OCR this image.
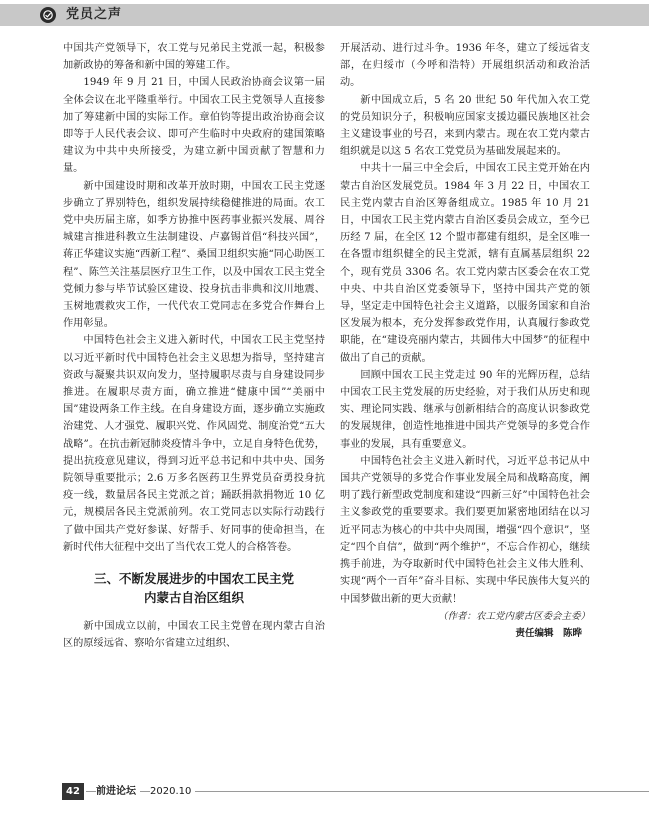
党员之声

中国共产党领导下，农工党与兄弟民主党派一起，积极参加新政协的筹备和新中国的筹建工作。

1949 年 9 月 21 日，中国人民政治协商会议第一届全体会议在北平隆重举行。中国农工民主党领导人直接参加了筹建新中国的实际工作。章伯钧等提出政治协商会议即等于人民代表会议、即可产生临时中央政府的建国策略建议为中共中央所接受，为建立新中国贡献了智慧和力量。

新中国建设时期和改革开放时期，中国农工民主党逐步确立了界别特色，组织发展持续稳健推进的局面。农工党中央历届主席，如季方协推中医药事业振兴发展、周谷城建言推进科教立生法制建设、卢嘉锡首倡“科技兴国”，蒋正华建议实施“西新工程”、桑国卫组织实施“同心助医工程”、陈竺关注基层医疗卫生工作，以及中国农工民主党全党倾力参与毕节试验区建设、投身抗击非典和汶川地震、玉树地震救灾工作，一代代农工党同志在多党合作舞台上作用彰显。

中国特色社会主义进入新时代，中国农工民主党坚持以习近平新时代中国特色社会主义思想为指导，坚持建言资政与凝聚共识双向发力，坚持履职尽责与自身建设同步推进。在履职尽责方面，确立推进“健康中国”“美丽中国”建设两条工作主线。在自身建设方面，逐步确立实施政治建党、人才强党、履职兴党、作风固党、制度治党“五大战略”。在抗击新冠肺炎疫情斗争中，立足自身特色优势，提出抗疫意见建议，得到习近平总书记和中共中央、国务院领导重要批示；2.6 万多名医药卫生界党员奋勇投身抗疫一线，数量居各民主党派之首；踊跃捐款捐物近 10 亿元，规模居各民主党派前列。农工党同志以实际行动践行了做中国共产党好参谋、好帮手、好同事的使命担当，在新时代伟大征程中交出了当代农工党人的合格答卷。

三、不断发展进步的中国农工民主党
内蒙古自治区组织

新中国成立以前，中国农工民主党曾在现内蒙古自治区的原绥远省、察哈尔省建立过组织、

开展活动、进行过斗争。1936 年冬，建立了绥远省支部，在归绥市（今呼和浩特）开展组织活动和政治活动。

新中国成立后，5 名 20 世纪 50 年代加入农工党的党员知识分子，积极响应国家支援边疆民族地区社会主义建设事业的号召，来到内蒙古。现在农工党内蒙古组织就是以这 5 名农工党党员为基础发展起来的。

中共十一届三中全会后，中国农工民主党开始在内蒙古自治区发展党员。1984 年 3 月 22 日，中国农工民主党内蒙古自治区筹备组成立。1985 年 10 月 21 日，中国农工民主党内蒙古自治区委员会成立，至今已历经 7 届，在全区 12 个盟市都建有组织，是全区唯一在各盟市组织健全的民主党派，辖有直属基层组织 22 个，现有党员 3306 名。农工党内蒙古区委会在农工党中央、中共自治区党委领导下，坚持中国共产党的领导，坚定走中国特色社会主义道路，以服务国家和自治区发展为根本，充分发挥参政党作用，认真履行参政党职能，在“建设亮丽内蒙古，共圆伟大中国梦”的征程中做出了自己的贡献。

回顾中国农工民主党走过 90 年的光辉历程，总结中国农工民主党发展的历史经验，对于我们从历史和现实、理论同实践、继承与创新相结合的高度认识参政党的发展规律，创造性地推进中国共产党领导的多党合作事业的发展，具有重要意义。

中国特色社会主义进入新时代，习近平总书记从中国共产党领导的多党合作事业发展全局和战略高度，阐明了践行新型政党制度和建设“四新三好”中国特色社会主义参政党的重要要求。我们要更加紧密地团结在以习近平同志为核心的中共中央周围，增强“四个意识”，坚定“四个自信”，做到“两个维护”，不忘合作初心，继续携手前进，为夺取新时代中国特色社会主义伟大胜利、实现“两个一百年”奋斗目标、实现中华民族伟大复兴的中国梦做出新的更大贡献！

（作者：农工党内蒙古区委会主委）

责任编辑　陈晔

42	前进论坛	2020.10
